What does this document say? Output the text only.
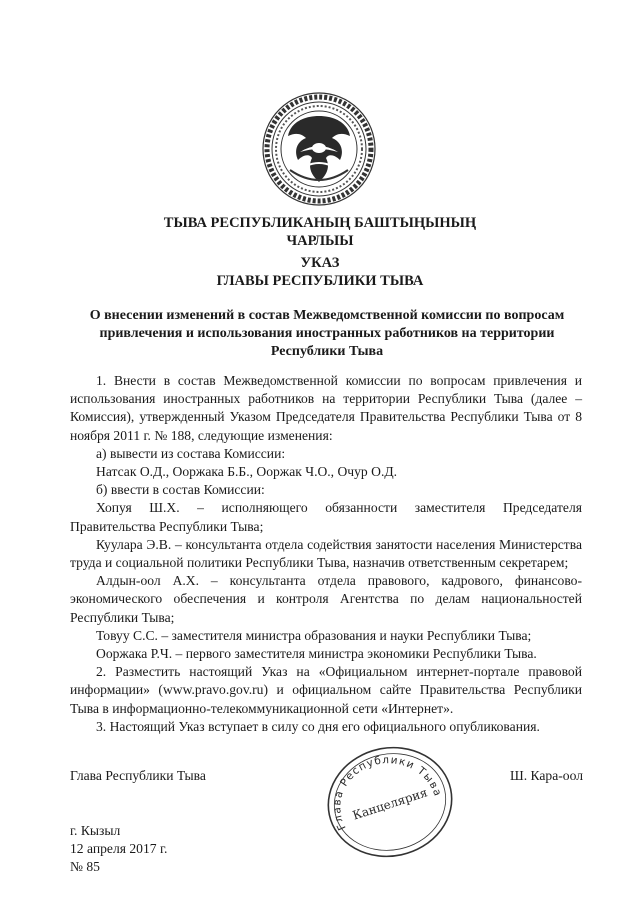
ТЫВА РЕСПУБЛИКАНЫҢ БАШТЫҢЫНЫҢ
ЧАРЛЫЫ
УКАЗ
ГЛАВЫ РЕСПУБЛИКИ ТЫВА
О внесении изменений в состав Межведомственной комиссии по вопросам
привлечения и использования иностранных работников на территории
Республики Тыва

1. Внести в состав Межведомственной комиссии по вопросам привлечения и использования иностранных работников на территории Республики Тыва (далее – Комиссия), утвержденный Указом Председателя Правительства Республики Тыва от 8 ноября 2011 г. № 188, следующие изменения:

а) вывести из состава Комиссии:

Натсак О.Д., Ооржака Б.Б., Ооржак Ч.О., Очур О.Д.

б) ввести в состав Комиссии:

Хопуя Ш.Х. – исполняющего обязанности заместителя Председателя Правительства Республики Тыва;

Куулара Э.В. – консультанта отдела содействия занятости населения Министерства труда и социальной политики Республики Тыва, назначив ответственным секретарем;

Алдын-оол А.Х. – консультанта отдела правового, кадрового, финансово-экономического обеспечения и контроля Агентства по делам национальностей Республики Тыва;

Товуу С.С. – заместителя министра образования и науки Республики Тыва;

Ооржака Р.Ч. – первого заместителя министра экономики Республики Тыва.

2. Разместить настоящий Указ на «Официальном интернет-портале правовой информации» (www.pravo.gov.ru) и официальном сайте Правительства Республики Тыва в информационно-телекоммуникационной сети «Интернет».

3. Настоящий Указ вступает в силу со дня его официального опубликования.

Глава Республики Тыва	Ш. Кара-оол
Глава Республики Тыва
Канцелярия
г. Кызыл
12 апреля 2017 г.
№ 85
